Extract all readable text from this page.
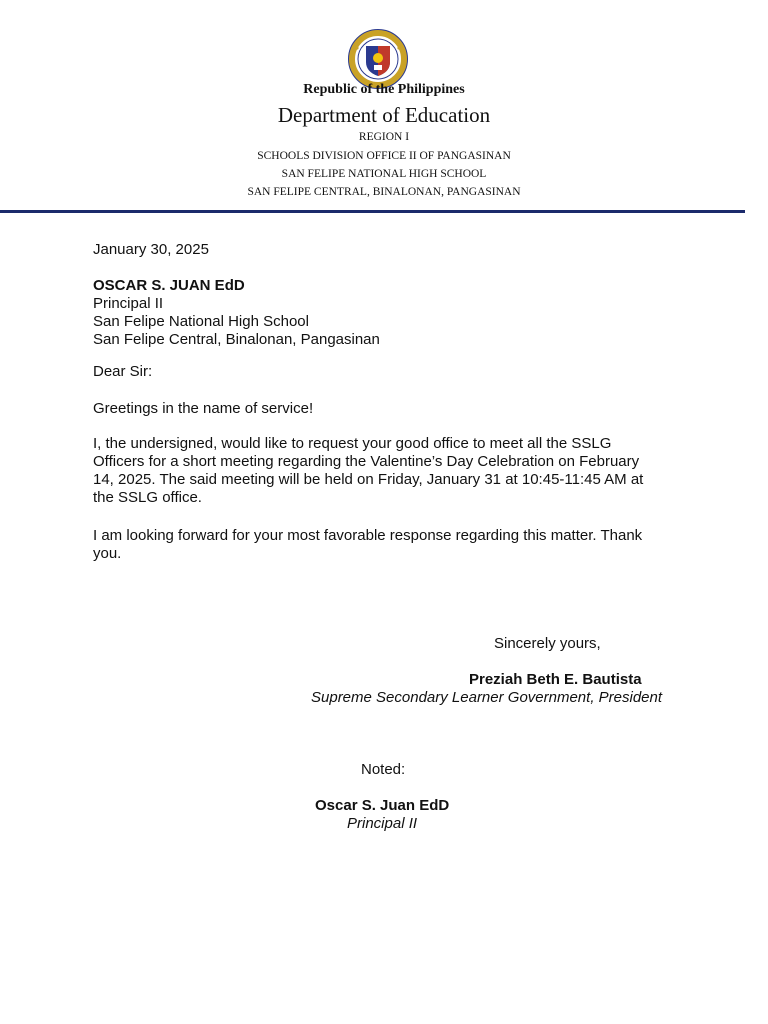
Republic of the Philippines
Department of Education
REGION I
SCHOOLS DIVISION OFFICE II OF PANGASINAN
SAN FELIPE NATIONAL HIGH SCHOOL
SAN FELIPE CENTRAL, BINALONAN, PANGASINAN
January 30, 2025
OSCAR S. JUAN EdD
Principal II
San Felipe National High School
San Felipe Central, Binalonan, Pangasinan
Dear Sir:
Greetings in the name of service!
I, the undersigned, would like to request your good office to meet all the SSLG
Officers for a short meeting regarding the Valentine’s Day Celebration on February
14, 2025. The said meeting will be held on Friday, January 31 at 10:45-11:45 AM at
the SSLG office.
I am looking forward for your most favorable response regarding this matter. Thank
you.
Sincerely yours,
Preziah Beth E. Bautista
Supreme Secondary Learner Government, President
Noted:
Oscar S. Juan EdD
Principal II
